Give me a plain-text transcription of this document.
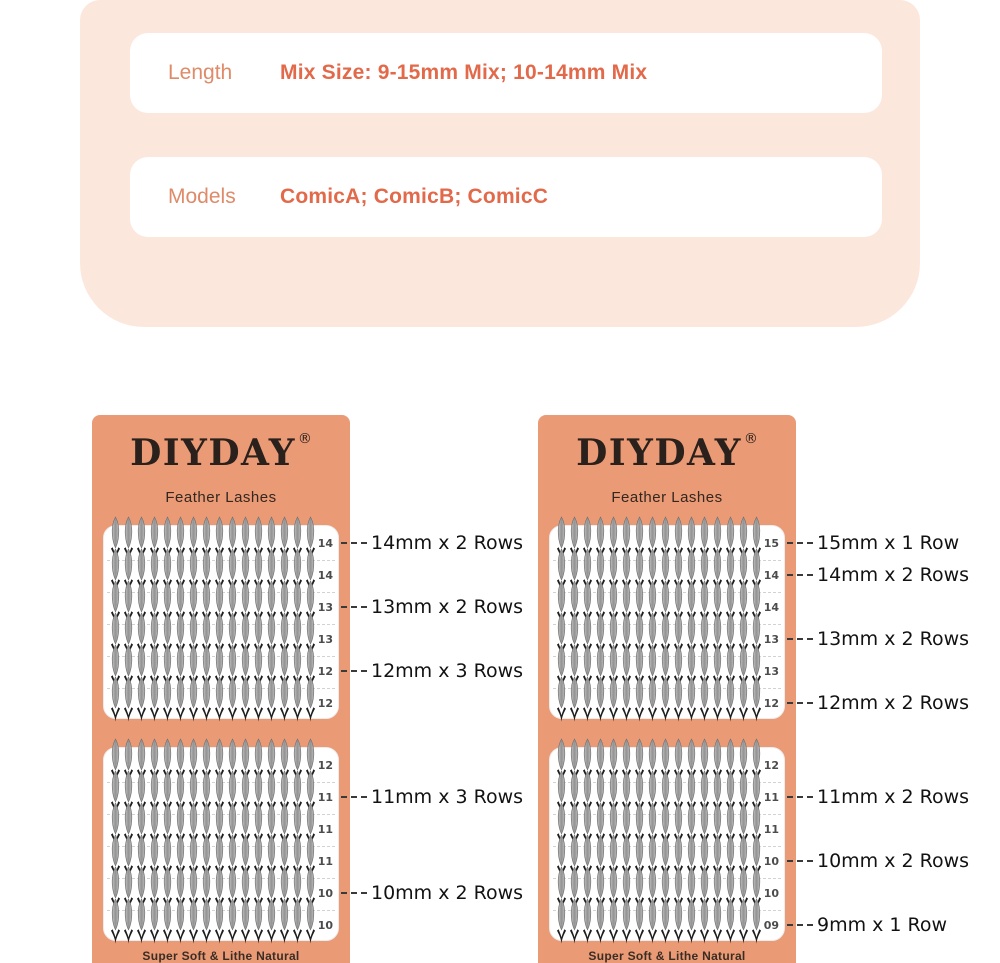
Length	Mix Size: 9-15mm Mix; 10-14mm Mix
Models	ComicA; ComicB; ComicC
DIYDAY ®
Feather Lashes
14
14
13
13
12
12
12
11
11
11
10
10
Super Soft & Lithe Natural
DIYDAY ®
Feather Lashes
15
14
14
13
13
12
12
11
11
10
10
09
Super Soft & Lithe Natural
14mm x 2 Rows
13mm x 2 Rows
12mm x 3 Rows
11mm x 3 Rows
10mm x 2 Rows
15mm x 1 Row
14mm x 2 Rows
13mm x 2 Rows
12mm x 2 Rows
11mm x 2 Rows
10mm x 2 Rows
9mm x 1 Row
